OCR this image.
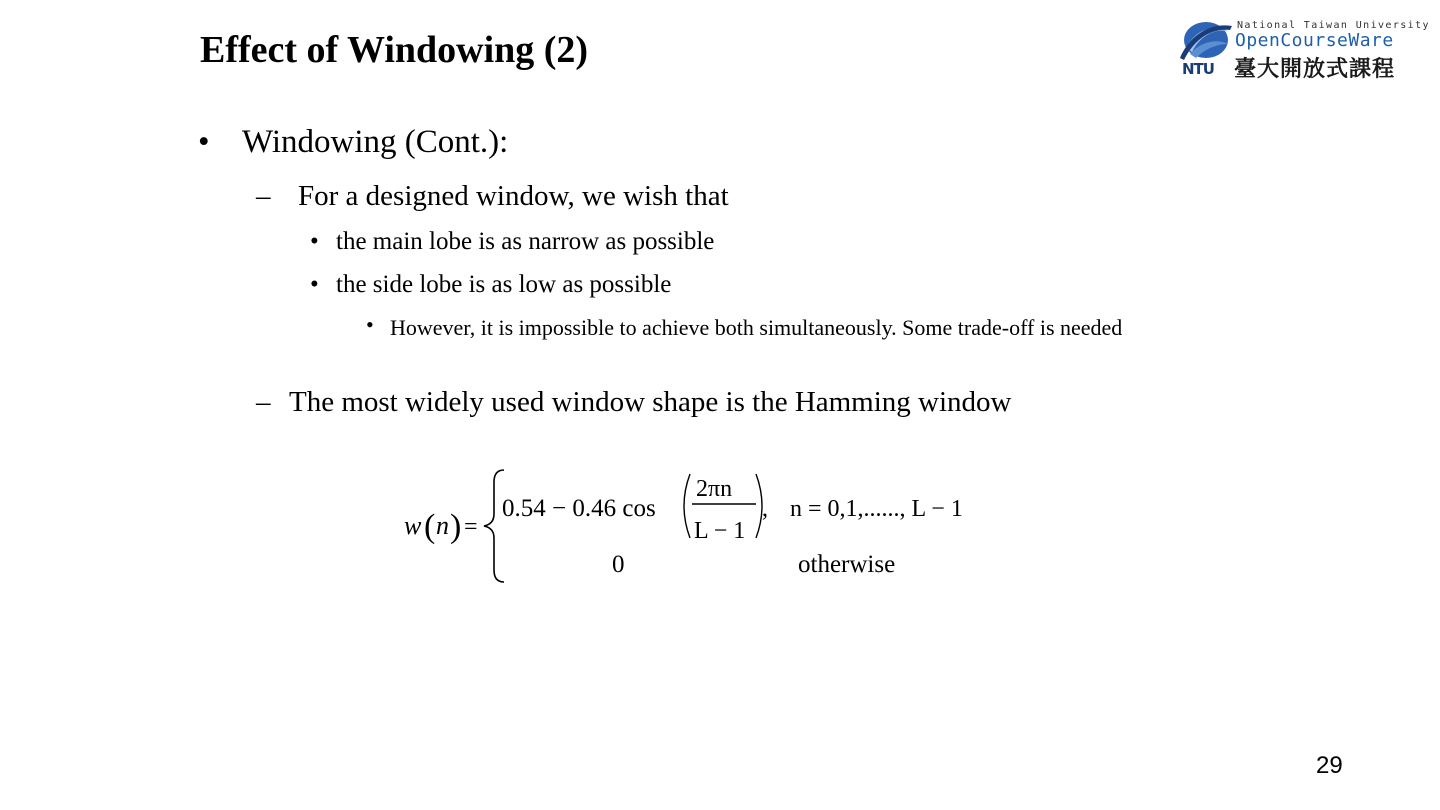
Effect of Windowing (2)	NTU
National Taiwan University
OpenCourseWare
臺大開放式課程
• Windowing (Cont.):
– For a designed window, we wish that
• the main lobe is as narrow as possible
• the side lobe is as low as possible
• However, it is impossible to achieve both simultaneously. Some trade-off is needed
– The most widely used window shape is the Hamming window
w ( n ) =
0.54 − 0.46 cos
2πn
L − 1
, n = 0,1,......, L − 1
0	otherwise
29
